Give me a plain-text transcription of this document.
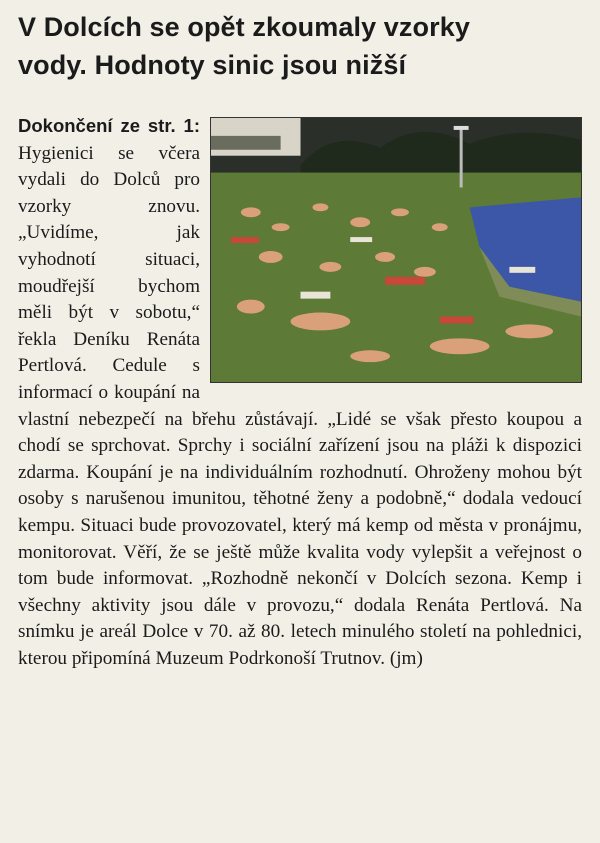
V Dolcích se opět zkoumaly vzorky
vody. Hodnoty sinic jsou nižší
Dokončení ze str. 1: Hygienici se včera vydali do Dolců pro vzorky znovu. „Uvidíme, jak vyhodnotí situaci, moudřejší bychom měli být v sobotu,“ řekla Deníku Renáta Pertlová. Cedule s informací o koupání na vlastní nebezpečí na břehu zůstávají. „Lidé se však přesto koupou a chodí se sprchovat. Sprchy i sociální zařízení jsou na pláži k dispozici zdarma. Koupání je na individuálním rozhodnutí. Ohroženy mohou být osoby s narušenou imunitou, těhotné ženy a podobně,“ dodala vedoucí kempu. Situaci bude provozovatel, který má kemp od města v pronájmu, monitorovat. Věří, že se ještě může kvalita vody vylepšit a veřejnost o tom bude informovat. „Rozhodně nekončí v Dolcích sezona. Kemp i všechny aktivity jsou dále v provozu,“ dodala Renáta Pertlová. Na snímku je areál Dolce v 70. až 80. letech minulého století na pohlednici, kterou připomíná Muzeum Podrkonoší Trutnov. (jm)
